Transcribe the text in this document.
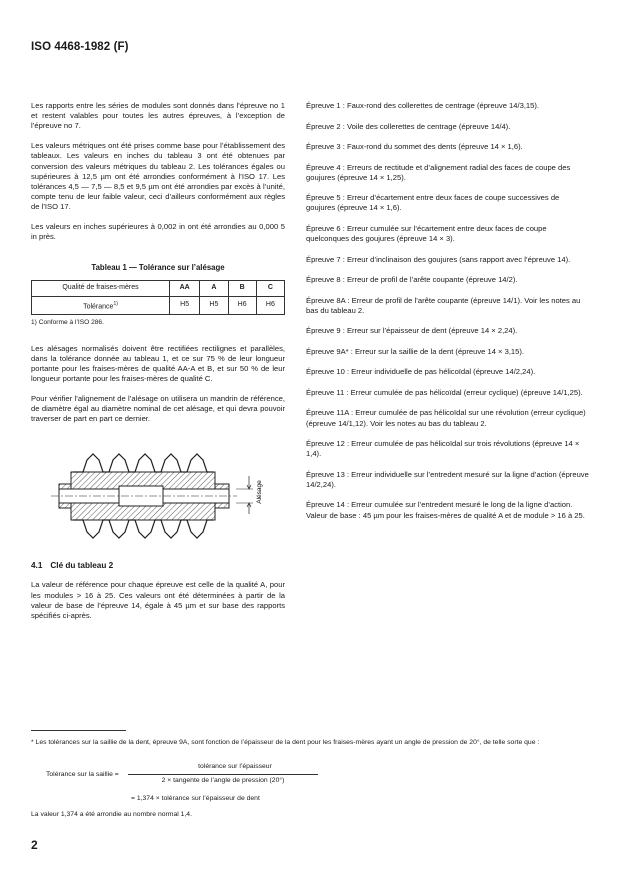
ISO 4468-1982 (F)

Les rapports entre les séries de modules sont donnés dans l’épreuve no 1 et restent valables pour toutes les autres épreuves, à l’exception de l’épreuve no 7.

Les valeurs métriques ont été prises comme base pour l’établissement des tableaux. Les valeurs en inches du tableau 3 ont été obtenues par conversion des valeurs métriques du tableau 2. Les tolérances égales ou supérieures à 12,5 µm ont été arrondies conformément à l’ISO 17. Les tolérances 4,5 — 7,5 — 8,5 et 9,5 µm ont été arrondies par excès à l’unité, compte tenu de leur faible valeur, ceci d’ailleurs conformément aux règles de l’ISO 17.

Les valeurs en inches supérieures à 0,002 in ont été arrondies au 0,000 5 in près.

Tableau 1 — Tolérance sur l’alésage
Qualité de fraises-mères	AA	A	B	C
Tolérance$^{1)}$	H5	H5	H6	H6
1) Conforme à l’ISO 286.

Les alésages normalisés doivent être rectifiées rectilignes et parallèles, dans la tolérance donnée au tableau 1, et ce sur 75 % de leur longueur portante pour les fraises-mères de qualité AA-A et B, et sur 50 % de leur longueur portante pour les fraises-mères de qualité C.

Pour vérifier l’alignement de l’alésage on utilisera un mandrin de référence, de diamètre égal au diamètre nominal de cet alésage, et qui devra pouvoir traverser de part en part ce dernier.

Alésage
4.1 Clé du tableau 2

La valeur de référence pour chaque épreuve est celle de la qualité A, pour les modules > 16 à 25. Ces valeurs ont été déterminées à partir de la valeur de base de l’épreuve 14, égale à 45 µm et sur base des rapports spécifiés ci-après.

Épreuve 1 : Faux-rond des collerettes de centrage (épreuve 14/3,15).

Épreuve 2 : Voile des collerettes de centrage (épreuve 14/4).

Épreuve 3 : Faux-rond du sommet des dents (épreuve 14 × 1,6).

Épreuve 4 : Erreurs de rectitude et d’alignement radial des faces de coupe des goujures (épreuve 14 × 1,25).

Épreuve 5 : Erreur d’écartement entre deux faces de coupe successives de goujures (épreuve 14 × 1,6).

Épreuve 6 : Erreur cumulée sur l’écartement entre deux faces de coupe quelconques des goujures (épreuve 14 × 3).

Épreuve 7 : Erreur d’inclinaison des goujures (sans rapport avec l’épreuve 14).

Épreuve 8 : Erreur de profil de l’arête coupante (épreuve 14/2).

Épreuve 8A : Erreur de profil de l’arête coupante (épreuve 14/1). Voir les notes au bas du tableau 2.

Épreuve 9 : Erreur sur l’épaisseur de dent (épreuve 14 × 2,24).

Épreuve 9A* : Erreur sur la saillie de la dent (épreuve 14 × 3,15).

Épreuve 10 : Erreur individuelle de pas hélicoïdal (épreuve 14/2,24).

Épreuve 11 : Erreur cumulée de pas hélicoïdal (erreur cyclique) (épreuve 14/1,25).

Épreuve 11A : Erreur cumulée de pas hélicoïdal sur une révolution (erreur cyclique) (épreuve 14/1,12). Voir les notes au bas du tableau 2.

Épreuve 12 : Erreur cumulée de pas hélicoïdal sur trois révolutions (épreuve 14 × 1,4).

Épreuve 13 : Erreur individuelle sur l’entredent mesuré sur la ligne d’action (épreuve 14/2,24).

Épreuve 14 : Erreur cumulée sur l’entredent mesuré le long de la ligne d’action.

Valeur de base : 45 µm pour les fraises-mères de qualité A et de module > 16 à 25.

* Les tolérances sur la saillie de la dent, épreuve 9A, sont fonction de l’épaisseur de la dent pour les fraises-mères ayant un angle de pression de 20°, de telle sorte que :
Tolérance sur la saillie =
tolérance sur l’épaisseur
2 × tangente de l’angle de pression (20°)
= 1,374 × tolérance sur l’épaisseur de dent
La valeur 1,374 a été arrondie au nombre normal 1,4.
2
